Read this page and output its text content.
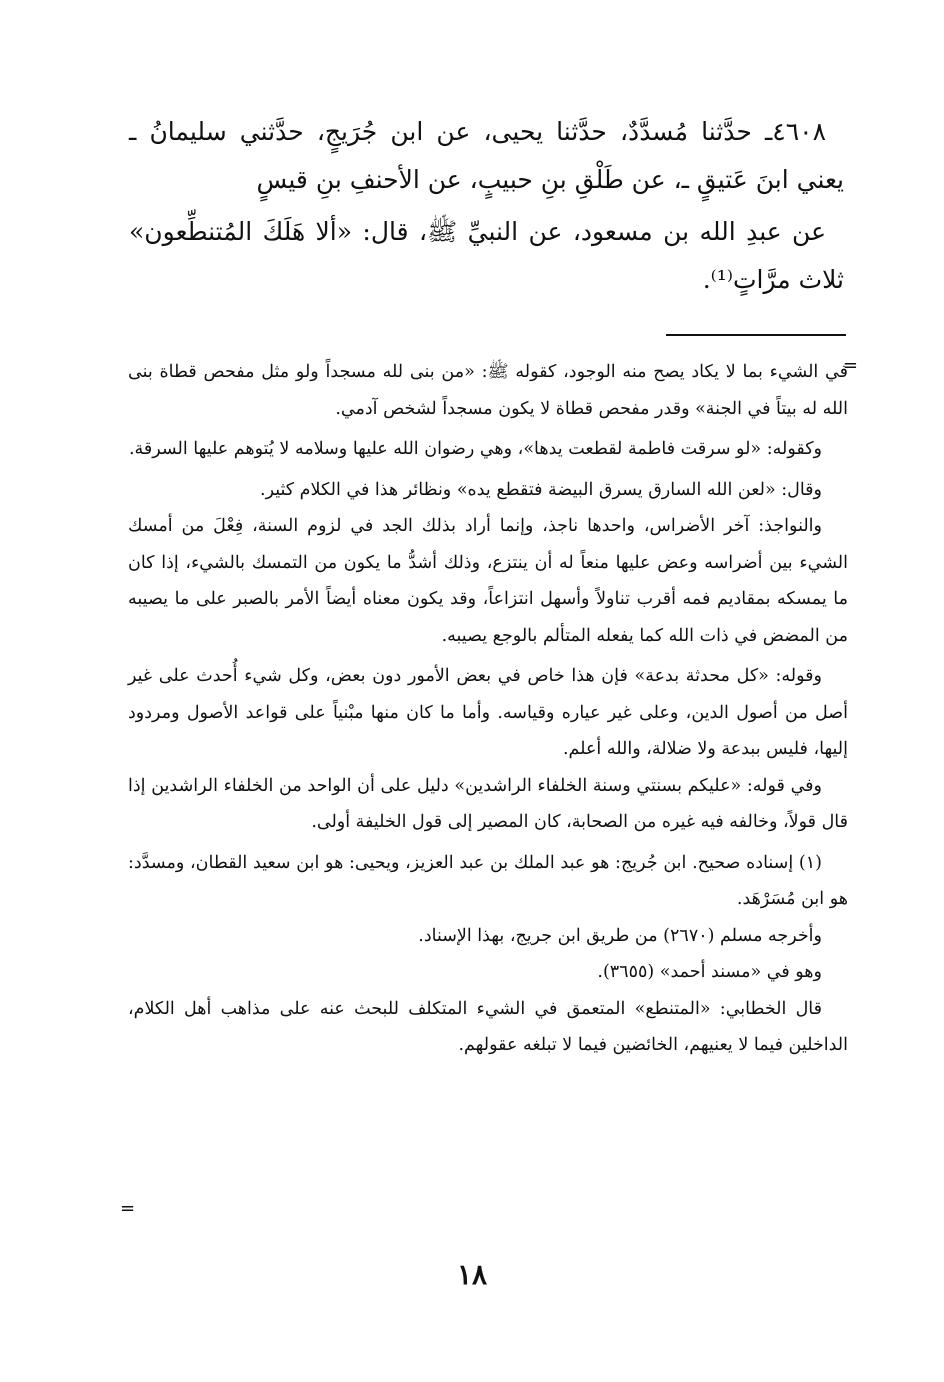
٤٦٠٨ـ حدَّثنا مُسدَّدٌ، حدَّثنا يحيى، عن ابن جُرَيجٍ، حدَّثني سليمانُ ـ يعني ابنَ عَتيقٍ ـ، عن طَلْقِ بنِ حبيبٍ، عن الأحنفِ بنِ قيسٍ

عن عبدِ الله بن مسعود، عن النبيِّ ﷺ، قال: «ألا هَلَكَ المُتنطِّعون» ثلاث مرَّاتٍ⁽¹⁾.

=

في الشيء بما لا يكاد يصح منه الوجود، كقوله ﷺ: «من بنى لله مسجداً ولو مثل مفحص قطاة بنى الله له بيتاً في الجنة» وقدر مفحص قطاة لا يكون مسجداً لشخص آدمي.

وكقوله: «لو سرقت فاطمة لقطعت يدها»، وهي رضوان الله عليها وسلامه لا يُتوهم عليها السرقة.

وقال: «لعن الله السارق يسرق البيضة فتقطع يده» ونظائر هذا في الكلام كثير.

والنواجذ: آخر الأضراس، واحدها ناجذ، وإنما أراد بذلك الجد في لزوم السنة، فِعْلَ من أمسك الشيء بين أضراسه وعض عليها منعاً له أن ينتزع، وذلك أشدُّ ما يكون من التمسك بالشيء، إذا كان ما يمسكه بمقاديم فمه أقرب تناولاً وأسهل انتزاعاً، وقد يكون معناه أيضاً الأمر بالصبر على ما يصيبه من المضض في ذات الله كما يفعله المتألم بالوجع يصيبه.

وقوله: «كل محدثة بدعة» فإن هذا خاص في بعض الأمور دون بعض، وكل شيء أُحدث على غير أصل من أصول الدين، وعلى غير عياره وقياسه. وأما ما كان منها مبْنياً على قواعد الأصول ومردود إليها، فليس ببدعة ولا ضلالة، والله أعلم.

وفي قوله: «عليكم بسنتي وسنة الخلفاء الراشدين» دليل على أن الواحد من الخلفاء الراشدين إذا قال قولاً، وخالفه فيه غيره من الصحابة، كان المصير إلى قول الخليفة أولى.

(١) إسناده صحيح. ابن جُريج: هو عبد الملك بن عبد العزيز، ويحيى: هو ابن سعيد القطان، ومسدَّد: هو ابن مُسَرْهَد.

وأخرجه مسلم (٢٦٧٠) من طريق ابن جريج، بهذا الإسناد.

وهو في «مسند أحمد» (٣٦٥٥).

قال الخطابي: «المتنطع» المتعمق في الشيء المتكلف للبحث عنه على مذاهب أهل الكلام، الداخلين فيما لا يعنيهم، الخائضين فيما لا تبلغه عقولهم.

=
١٨
